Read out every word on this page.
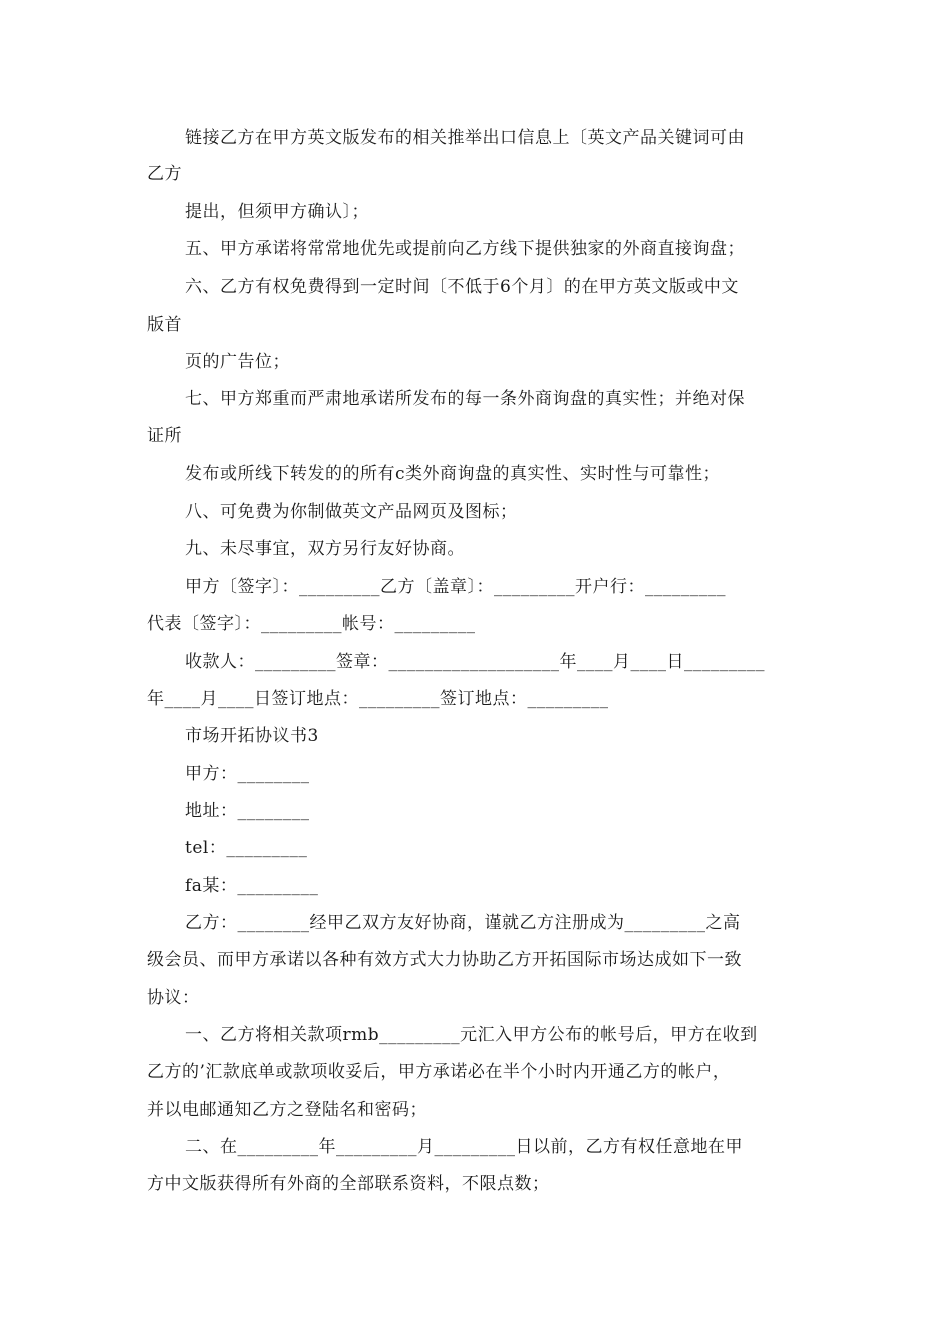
链接乙方在甲方英文版发布的相关推举出口信息上〔英文产品关键词可由
乙方
提出，但须甲方确认〕；
五、甲方承诺将常常地优先或提前向乙方线下提供独家的外商直接询盘；
六、乙方有权免费得到一定时间〔不低于6个月〕的在甲方英文版或中文
版首
页的广告位；
七、甲方郑重而严肃地承诺所发布的每一条外商询盘的真实性；并绝对保
证所
发布或所线下转发的的所有c类外商询盘的真实性、实时性与可靠性；
八、可免费为你制做英文产品网页及图标；
九、未尽事宜，双方另行友好协商。
甲方〔签字〕：_________乙方〔盖章〕：_________开户行：_________
代表〔签字〕：_________帐号：_________
收款人：_________签章：___________________年____月____日_________
年____月____日签订地点：_________签订地点：_________
市场开拓协议书3
甲方：________
地址：________
tel：_________
fa某：_________
乙方：________经甲乙双方友好协商，谨就乙方注册成为_________之高
级会员、而甲方承诺以各种有效方式大力协助乙方开拓国际市场达成如下一致
协议：
一、乙方将相关款项rmb_________元汇入甲方公布的帐号后，甲方在收到
乙方的’汇款底单或款项收妥后，甲方承诺必在半个小时内开通乙方的帐户，
并以电邮通知乙方之登陆名和密码；
二、在_________年_________月_________日以前，乙方有权任意地在甲
方中文版获得所有外商的全部联系资料，不限点数；
